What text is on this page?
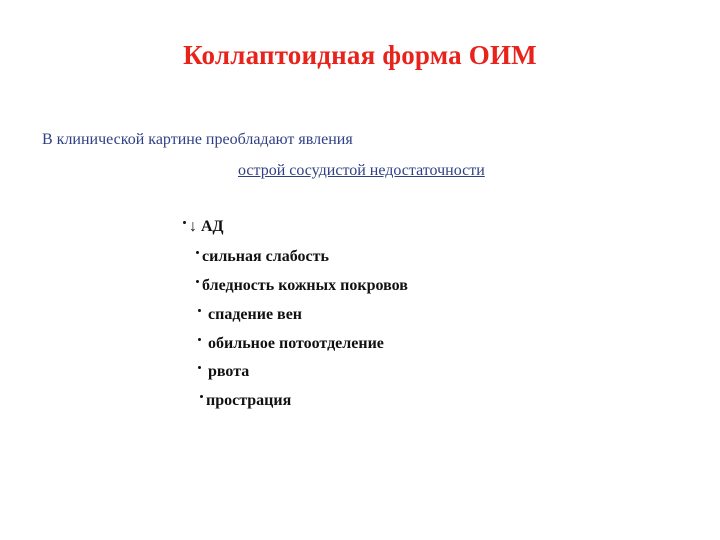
Коллаптоидная форма ОИМ
В клинической картине преобладают явления
острой сосудистой недостаточности
↓ АД
сильная слабость
бледность кожных покровов
спадение вен
обильное потоотделение
рвота
прострация
